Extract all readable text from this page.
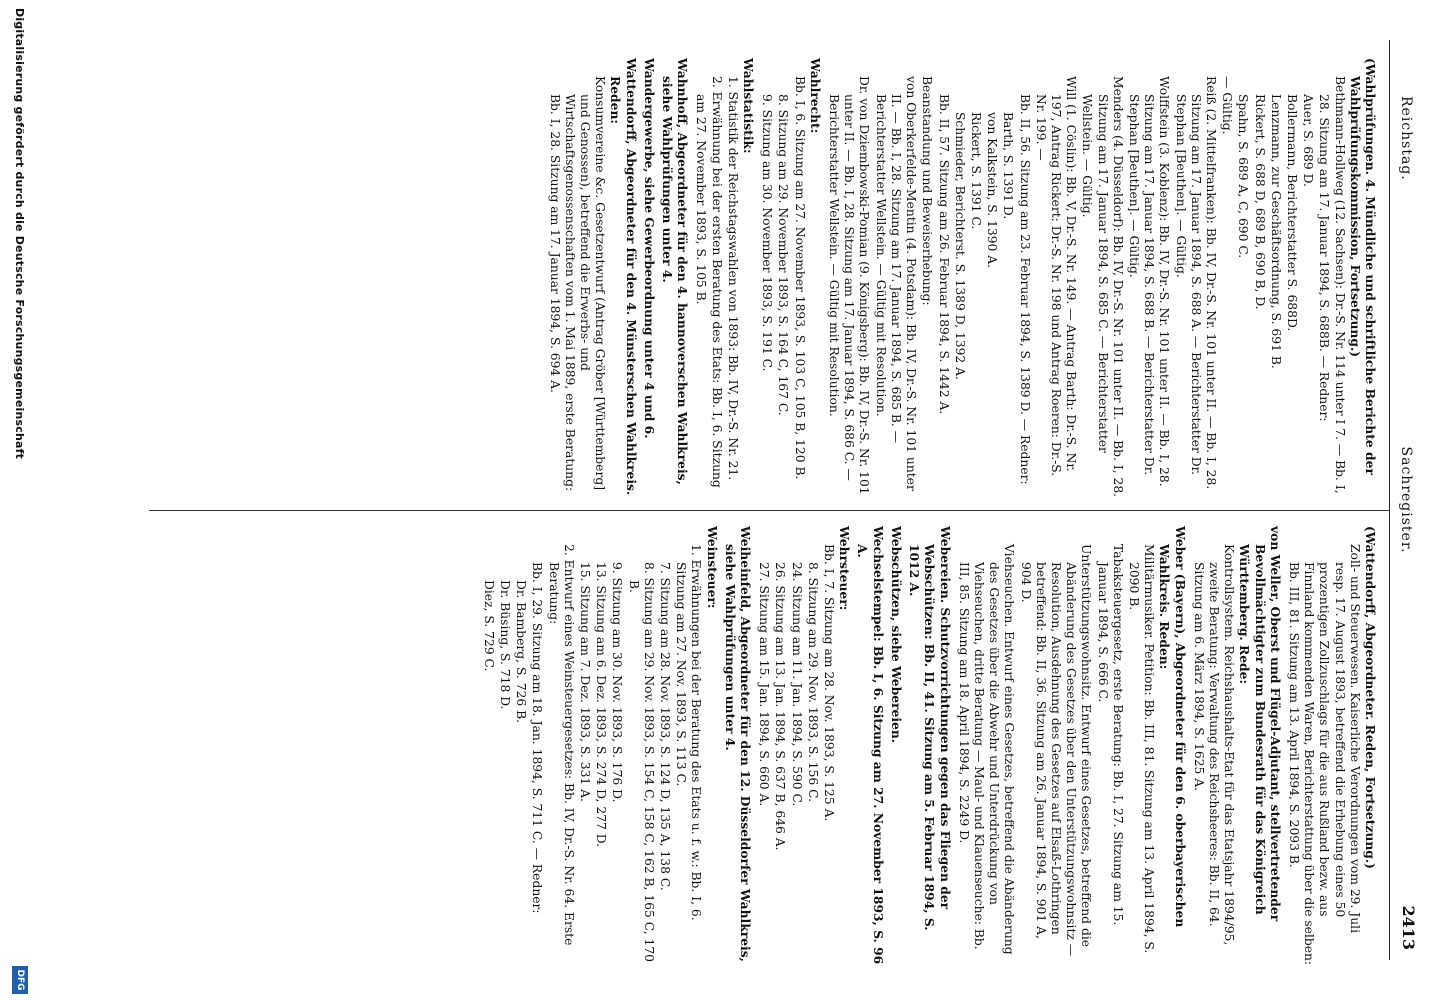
Reichstag.
Sachregister.
2413

(Wahlprüfungen. 4. Mündliche und schriftliche Berichte der Wahlprüfungskommission, Fortsetzung.)

Bethmann-Hollweg (12. Sachsen): Dr.-S. Nr. 114 unter I 7. — Bb. I, 28. Sitzung am 17. Januar 1894, S. 688B. — Redner:

Auer, S. 689 D.

Bollermann, Berichterstatter S. 688D.

Lenzmann, zur Geschäftsordnung, S. 691 B.

Rickert, S. 688 D, 689 B, 690 B, D.

Spahn, S. 689 A, C, 690 C.

— Gültig.

Reiß (2. Mittelfranken): Bb. IV, Dr.-S. Nr. 101 unter II. — Bb. I, 28. Sitzung am 17. Januar 1894, S. 688 A. — Berichterstatter Dr. Stephan [Beuthen]. — Gültig.

Wolffstein (3. Koblenz): Bb. IV, Dr.-S. Nr. 101 unter II. — Bb. I, 28. Sitzung am 17. Januar 1894, S. 688 B. — Berichterstatter Dr. Stephan [Beuthen]. — Gültig.

Menders (4. Düsseldorf): Bb. IV, Dr.-S. Nr. 101 unter II. — Bb. I, 28. Sitzung am 17. Januar 1894, S. 685 C. — Berichterstatter Wellstein. — Gültig.

Will (1. Cöslin): Bb. V, Dr.-S. Nr. 149. — Antrag Barth: Dr.-S. Nr. 197, Antrag Rickert: Dr.-S. Nr. 198 und Antrag Roeren: Dr.-S. Nr. 199. —

Bb. II, 56. Sitzung am 23. Februar 1894, S. 1389 D. — Redner:

Barth, S. 1391 D.

von Kalkstein, S. 1390 A.

Rickert, S. 1391 C.

Schmieder, Berichterst. S. 1389 D, 1392 A.

Bb. II, 57. Sitzung am 26. Februar 1894, S. 1442 A.

Beanstandung und Beweiserhebung:

von Oberkerfelde-Mentin (4. Potsdam): Bb. IV, Dr.-S. Nr. 101 unter II. — Bb. I, 28. Sitzung am 17. Januar 1894, S. 685 B. — Berichterstatter Wellstein. — Gültig mit Resolution.

Dr. von Dziembowski-Pomian (9. Königsberg): Bb. IV, Dr.-S. Nr. 101 unter II. — Bb. I, 28. Sitzung am 17. Januar 1894, S. 686 C. — Berichterstatter Wellstein. — Gültig mit Resolution.

Wahlrecht:

Bb. I, 6. Sitzung am 27. November 1893, S. 103 C, 105 B, 120 B.

8. Sitzung am 29. November 1893, S. 164 C, 167 C.

9. Sitzung am 30. November 1893, S. 191 C.

Wahlstatistik:

1. Statistik der Reichstagswahlen von 1893: Bb. IV, Dr.-S. Nr. 21.

2. Erwähnung bei der ersten Beratung des Etats: Bb. I, 6. Sitzung am 27. November 1893, S. 105 B.

Wahnhoff, Abgeordneter für den 4. hannoverschen Wahlkreis, siehe Wahlprüfungen unter 4.

Wandergewerbe, siehe Gewerbeordnung unter 4 und 6.

Wattendorff, Abgeordneter für den 4. Münsterschen Wahlkreis. Reden:

Konsumvereine &c. Gesetzentwurf (Antrag Gröber [Württemberg] und Genossen), betreffend die Erwerbs- und Wirtschaftsgenossenschaften vom 1. Mai 1889, erste Beratung: Bb. I, 28. Sitzung am 17. Januar 1894, S. 694 A.

(Wattendorff, Abgeordneter. Reden, Fortsetzung.)

Zoll- und Steuerwesen. Kaiserliche Verordnungen vom 29. Juli resp. 17. August 1893, betreffend die Erhebung eines 50 prozentigen Zollzuschlags für die aus Rußland bezw. aus Finnland kommenden Waren, Berichterstattung über die selben: Bb. III, 81. Sitzung am 13. April 1894, S. 2093 B.

von Weller, Oberst und Flügel-Adjutant, stellvertretender Bevollmächtigter zum Bundesrath für das Königreich Württemberg. Rede:

Kontrollsystem. Reichshaushalts-Etat für das Etatsjahr 1894/95, zweite Beratung: Verwaltung des Reichsheeres: Bb. II, 64. Sitzung am 6. März 1894, S. 1625 A.

Weber (Bayern), Abgeordneter für den 6. oberbayerischen Wahlkreis. Reden:

Militärmusiker. Petition: Bb. III, 81. Sitzung am 13. April 1894, S. 2090 B.

Tabaksteuergesetz, erste Beratung: Bb. I, 27. Sitzung am 15. Januar 1894, S. 666 C.

Unterstützungswohnsitz. Entwurf eines Gesetzes, betreffend die Abänderung des Gesetzes über den Unterstützungswohnsitz — Resolution, Ausdehnung des Gesetzes auf Elsaß-Lothringen betreffend: Bb. II, 36. Sitzung am 26. Januar 1894, S. 901 A, 904 D.

Viehseuchen. Entwurf eines Gesetzes, betreffend die Abänderung des Gesetzes über die Abwehr und Unterdrückung von Viehseuchen, dritte Beratung — Maul- und Klauenseuche: Bb. III, 85. Sitzung am 18. April 1894, S. 2249 D.

Webereien. Schutzvorrichtungen gegen das Fliegen der Webschützen: Bb. II, 41. Sitzung am 5. Februar 1894, S. 1012 A.

Webschützen, siehe Webereien.

Wechselstempel: Bb. I, 6. Sitzung am 27. November 1893, S. 96 A.

Wehrsteuer:

Bb. I, 7. Sitzung am 28. Nov. 1893, S. 125 A.

8. Sitzung am 29. Nov. 1893, S. 156 C.

24. Sitzung am 11. Jan. 1894, S. 590 C.

26. Sitzung am 13. Jan. 1894, S. 637 B, 646 A.

27. Sitzung am 15. Jan. 1894, S. 660 A.

Weiheinfeld, Abgeordneter für den 12. Düsseldorfer Wahlkreis, siehe Wahlprüfungen unter 4.

Weinsteuer:

1. Erwähnungen bei der Beratung des Etats u. f. w.: Bb. I, 6. Sitzung am 27. Nov. 1893, S. 113 C.

7. Sitzung am 28. Nov. 1893, S. 124 D, 135 A, 138 C.

8. Sitzung am 29. Nov. 1893, S. 154 C, 158 C, 162 B, 165 C, 170 B.

9. Sitzung am 30. Nov. 1893, S. 176 D.

13. Sitzung am 6. Dez. 1893, S. 274 D, 277 D.

15. Sitzung am 7. Dez. 1893, S. 331 A.

2. Entwurf eines Weinsteuergesetzes: Bb. IV, Dr.-S. Nr. 64. Erste Beratung:

Bb. I, 29. Sitzung am 18. Jan. 1894, S. 711 C. — Redner:

Dr. Bamberg, S. 726 B.

Dr. Büsing, S. 718 D.

Diez, S. 729 C.

Digitalisierung gefördert durch die Deutsche Forschungsgemeinschaft
DFG
